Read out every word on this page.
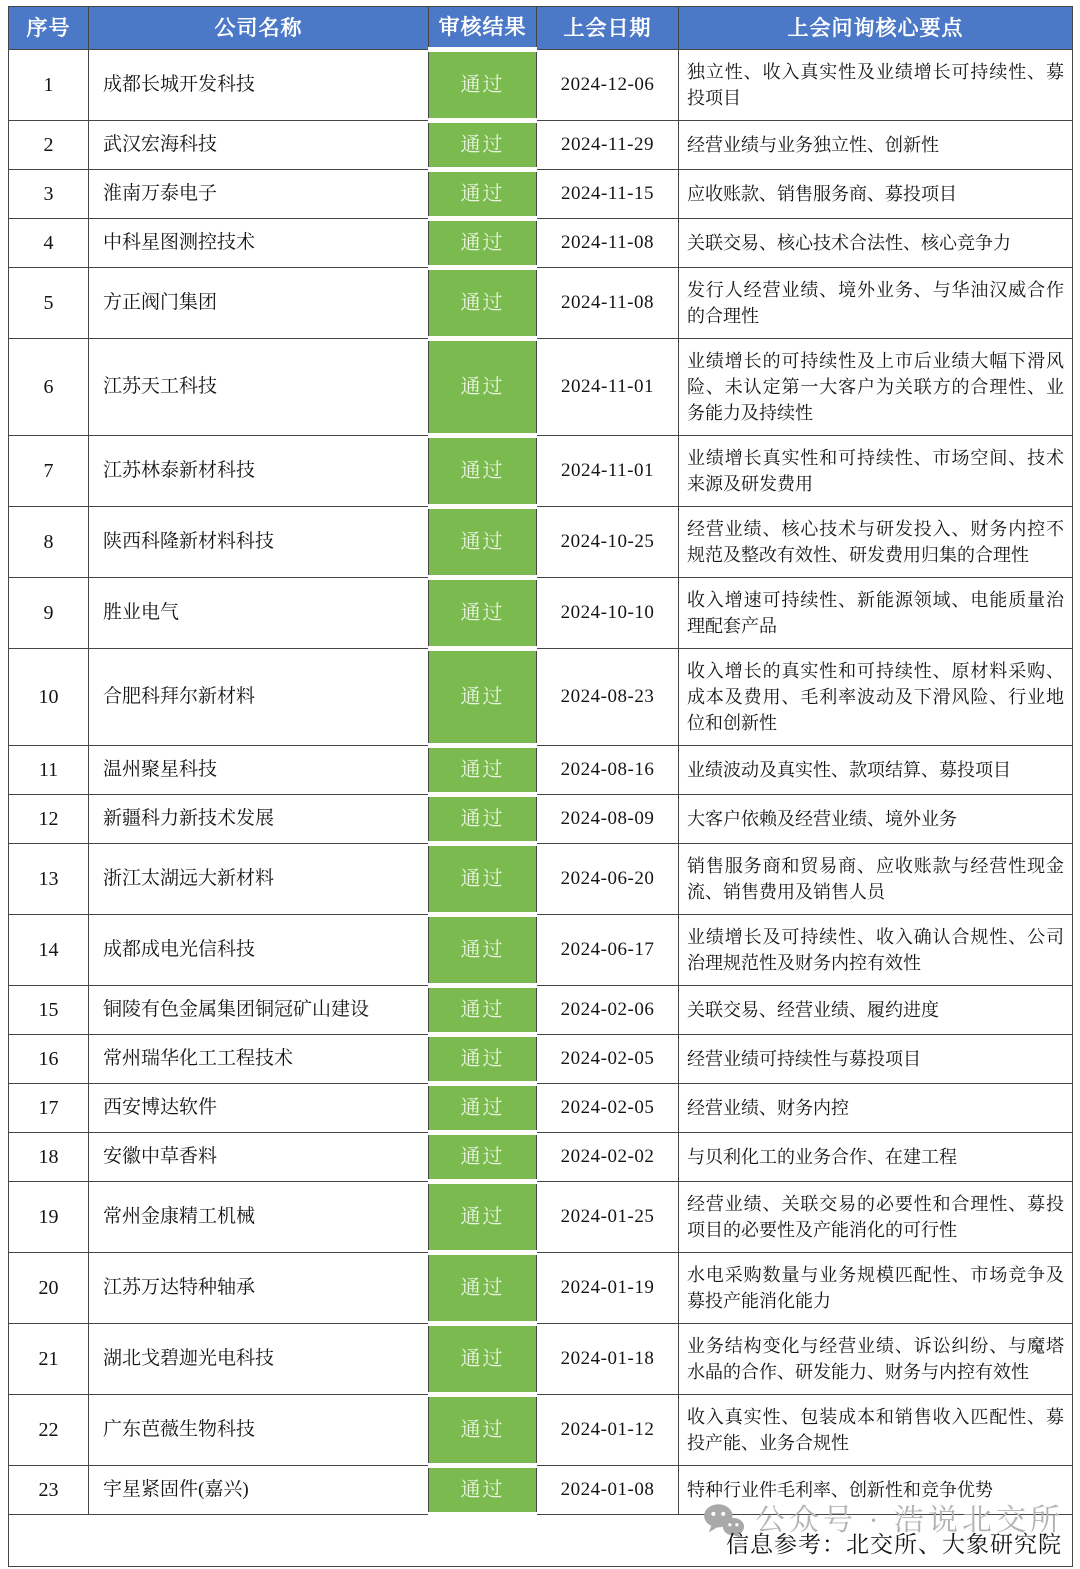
序号	公司名称	审核结果	上会日期	上会问询核心要点
1	成都长城开发科技	通过	2024-12-06	独立性、收入真实性及业绩增长可持续性、募投项目
2	武汉宏海科技	通过	2024-11-29	经营业绩与业务独立性、创新性
3	淮南万泰电子	通过	2024-11-15	应收账款、销售服务商、募投项目
4	中科星图测控技术	通过	2024-11-08	关联交易、核心技术合法性、核心竞争力
5	方正阀门集团	通过	2024-11-08	发行人经营业绩、境外业务、与华油汉威合作的合理性
6	江苏天工科技	通过	2024-11-01	业绩增长的可持续性及上市后业绩大幅下滑风险、未认定第一大客户为关联方的合理性、业务能力及持续性
7	江苏林泰新材科技	通过	2024-11-01	业绩增长真实性和可持续性、市场空间、技术来源及研发费用
8	陕西科隆新材料科技	通过	2024-10-25	经营业绩、核心技术与研发投入、财务内控不规范及整改有效性、研发费用归集的合理性
9	胜业电气	通过	2024-10-10	收入增速可持续性、新能源领域、电能质量治理配套产品
10	合肥科拜尔新材料	通过	2024-08-23	收入增长的真实性和可持续性、原材料采购、成本及费用、毛利率波动及下滑风险、行业地位和创新性
11	温州聚星科技	通过	2024-08-16	业绩波动及真实性、款项结算、募投项目
12	新疆科力新技术发展	通过	2024-08-09	大客户依赖及经营业绩、境外业务
13	浙江太湖远大新材料	通过	2024-06-20	销售服务商和贸易商、应收账款与经营性现金流、销售费用及销售人员
14	成都成电光信科技	通过	2024-06-17	业绩增长及可持续性、收入确认合规性、公司治理规范性及财务内控有效性
15	铜陵有色金属集团铜冠矿山建设	通过	2024-02-06	关联交易、经营业绩、履约进度
16	常州瑞华化工工程技术	通过	2024-02-05	经营业绩可持续性与募投项目
17	西安博达软件	通过	2024-02-05	经营业绩、财务内控
18	安徽中草香料	通过	2024-02-02	与贝利化工的业务合作、在建工程
19	常州金康精工机械	通过	2024-01-25	经营业绩、关联交易的必要性和合理性、募投项目的必要性及产能消化的可行性
20	江苏万达特种轴承	通过	2024-01-19	水电采购数量与业务规模匹配性、市场竞争及募投产能消化能力
21	湖北戈碧迦光电科技	通过	2024-01-18	业务结构变化与经营业绩、诉讼纠纷、与魔塔水晶的合作、研发能力、财务与内控有效性
22	广东芭薇生物科技	通过	2024-01-12	收入真实性、包装成本和销售收入匹配性、募投产能、业务合规性
23	宇星紧固件(嘉兴)	通过	2024-01-08	特种行业件毛利率、创新性和竞争优势

公众号 · 浩说北交所
信息参考：北交所、大象研究院				
